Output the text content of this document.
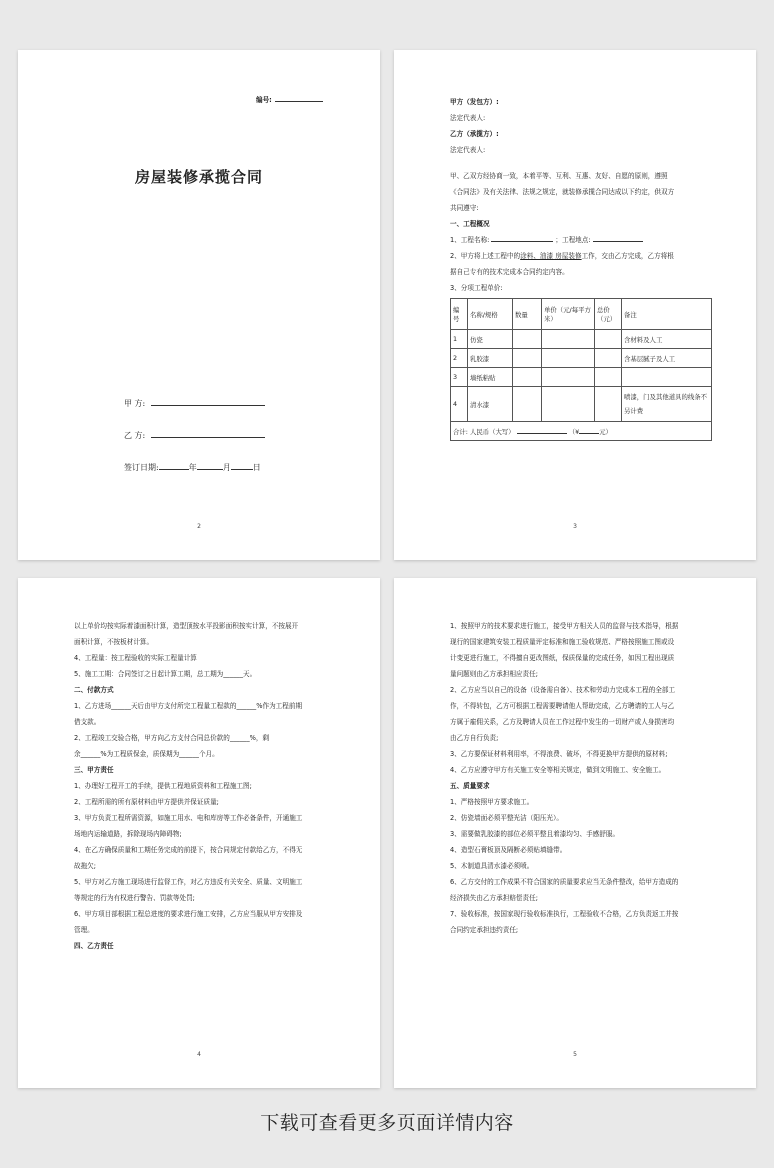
编号:
房屋装修承揽合同
甲 方:
乙 方:
签订日期:	年	月	日
2
甲方（发包方）:
法定代表人:
乙方（承揽方）:
法定代表人:
甲、乙双方经协商一致，本着平等、互利、互惠、友好、自愿的原则，遵照
《合同法》及有关法律、法规之规定，就装修承揽合同达成以下约定，供双方
共同遵守:
一、工程概况
1、工程名称:	；工程地点:
2、甲方将上述工程中的涂料、油漆 房屋装修工作，交由乙方完成，乙方将根
据自己专有的技术完成本合同约定内容。
3、分项工程单价:
编号	名称/规格	数量	单价（元/每平方米）	总价（元）	备注
1	仿瓷				含材料及人工
2	乳胶漆				含基层腻子及人工
3	墙纸粘贴				
4	清水漆				喷漆，门及其他道具的线条不另计费
合计: 人民币（大写） （¥ 元）					
3
以上单价均按实际着漆面积计算，造型顶按水平投影面积按实计算，不按展开
面积计算，不按板材计算。
4、工程量：按工程验收的实际工程量计算
5、施工工期：合同签订之日起计算工期，总工期为______天。
二、付款方式
1、乙方进场______天后由甲方支付所完工程量工程款的______%作为工程前期
借支款。
2、工程竣工交验合格，甲方向乙方支付合同总价款的______%，剩
余______%为工程质保金，质保期为______个月。
三、甲方责任
1、办理好工程开工的手续，提供工程地质资料和工程施工图;
2、工程所需的所有原材料由甲方提供并保证质量;
3、甲方负责工程所需资源，如施工用水、电和库房等工作必备条件，开通施工
场地内运输道路，拆除现场内障碍物;
4、在乙方确保质量和工期任务完成的前提下，按合同规定付款给乙方，不得无
故拖欠;
5、甲方对乙方施工现场进行监督工作，对乙方违反有关安全、质量、文明施工
等规定的行为有权进行警告、罚款等处罚;
6、甲方项目部根据工程总进度的要求进行施工安排，乙方应当服从甲方安排及
管理。
四、乙方责任
4
1、按照甲方的技术要求进行施工，接受甲方相关人员的监督与技术指导，根据
现行的国家建筑安装工程质量评定标准和施工验收规范、严格按照施工图或设
计变更进行施工，不得擅自更改图纸，保质保量的完成任务，如因工程出现质
量问题则由乙方承担相应责任;
2、乙方应当以自己的设备（设备需自备）、技术和劳动力完成本工程的全部工
作，不得转包，乙方可根据工程需要聘请他人帮助完成，乙方聘请的工人与乙
方属于雇佣关系，乙方及聘请人员在工作过程中发生的一切财产或人身损害均
由乙方自行负责;
3、乙方要保证材料利用率，不得浪费、破坏，不得更换甲方提供的原材料;
4、乙方应遵守甲方有关施工安全等相关规定，做到文明施工、安全施工。
五、质量要求
1、严格按照甲方要求施工。
2、仿瓷墙面必须平整光洁（阳压光）。
3、需要做乳胶漆的部位必须平整且着漆均匀、手感舒服。
4、造型石膏板顶及隔断必须贴填缝带。
5、木制道具清水漆必须喷。
6、乙方交付的工作成果不符合国家的质量要求应当无条件整改，给甲方造成的
经济损失由乙方承担赔偿责任;
7、验收标准，按国家现行验收标准执行，工程验收不合格，乙方负责返工并按
合同约定承担违约责任;
5
下载可查看更多页面详情内容
